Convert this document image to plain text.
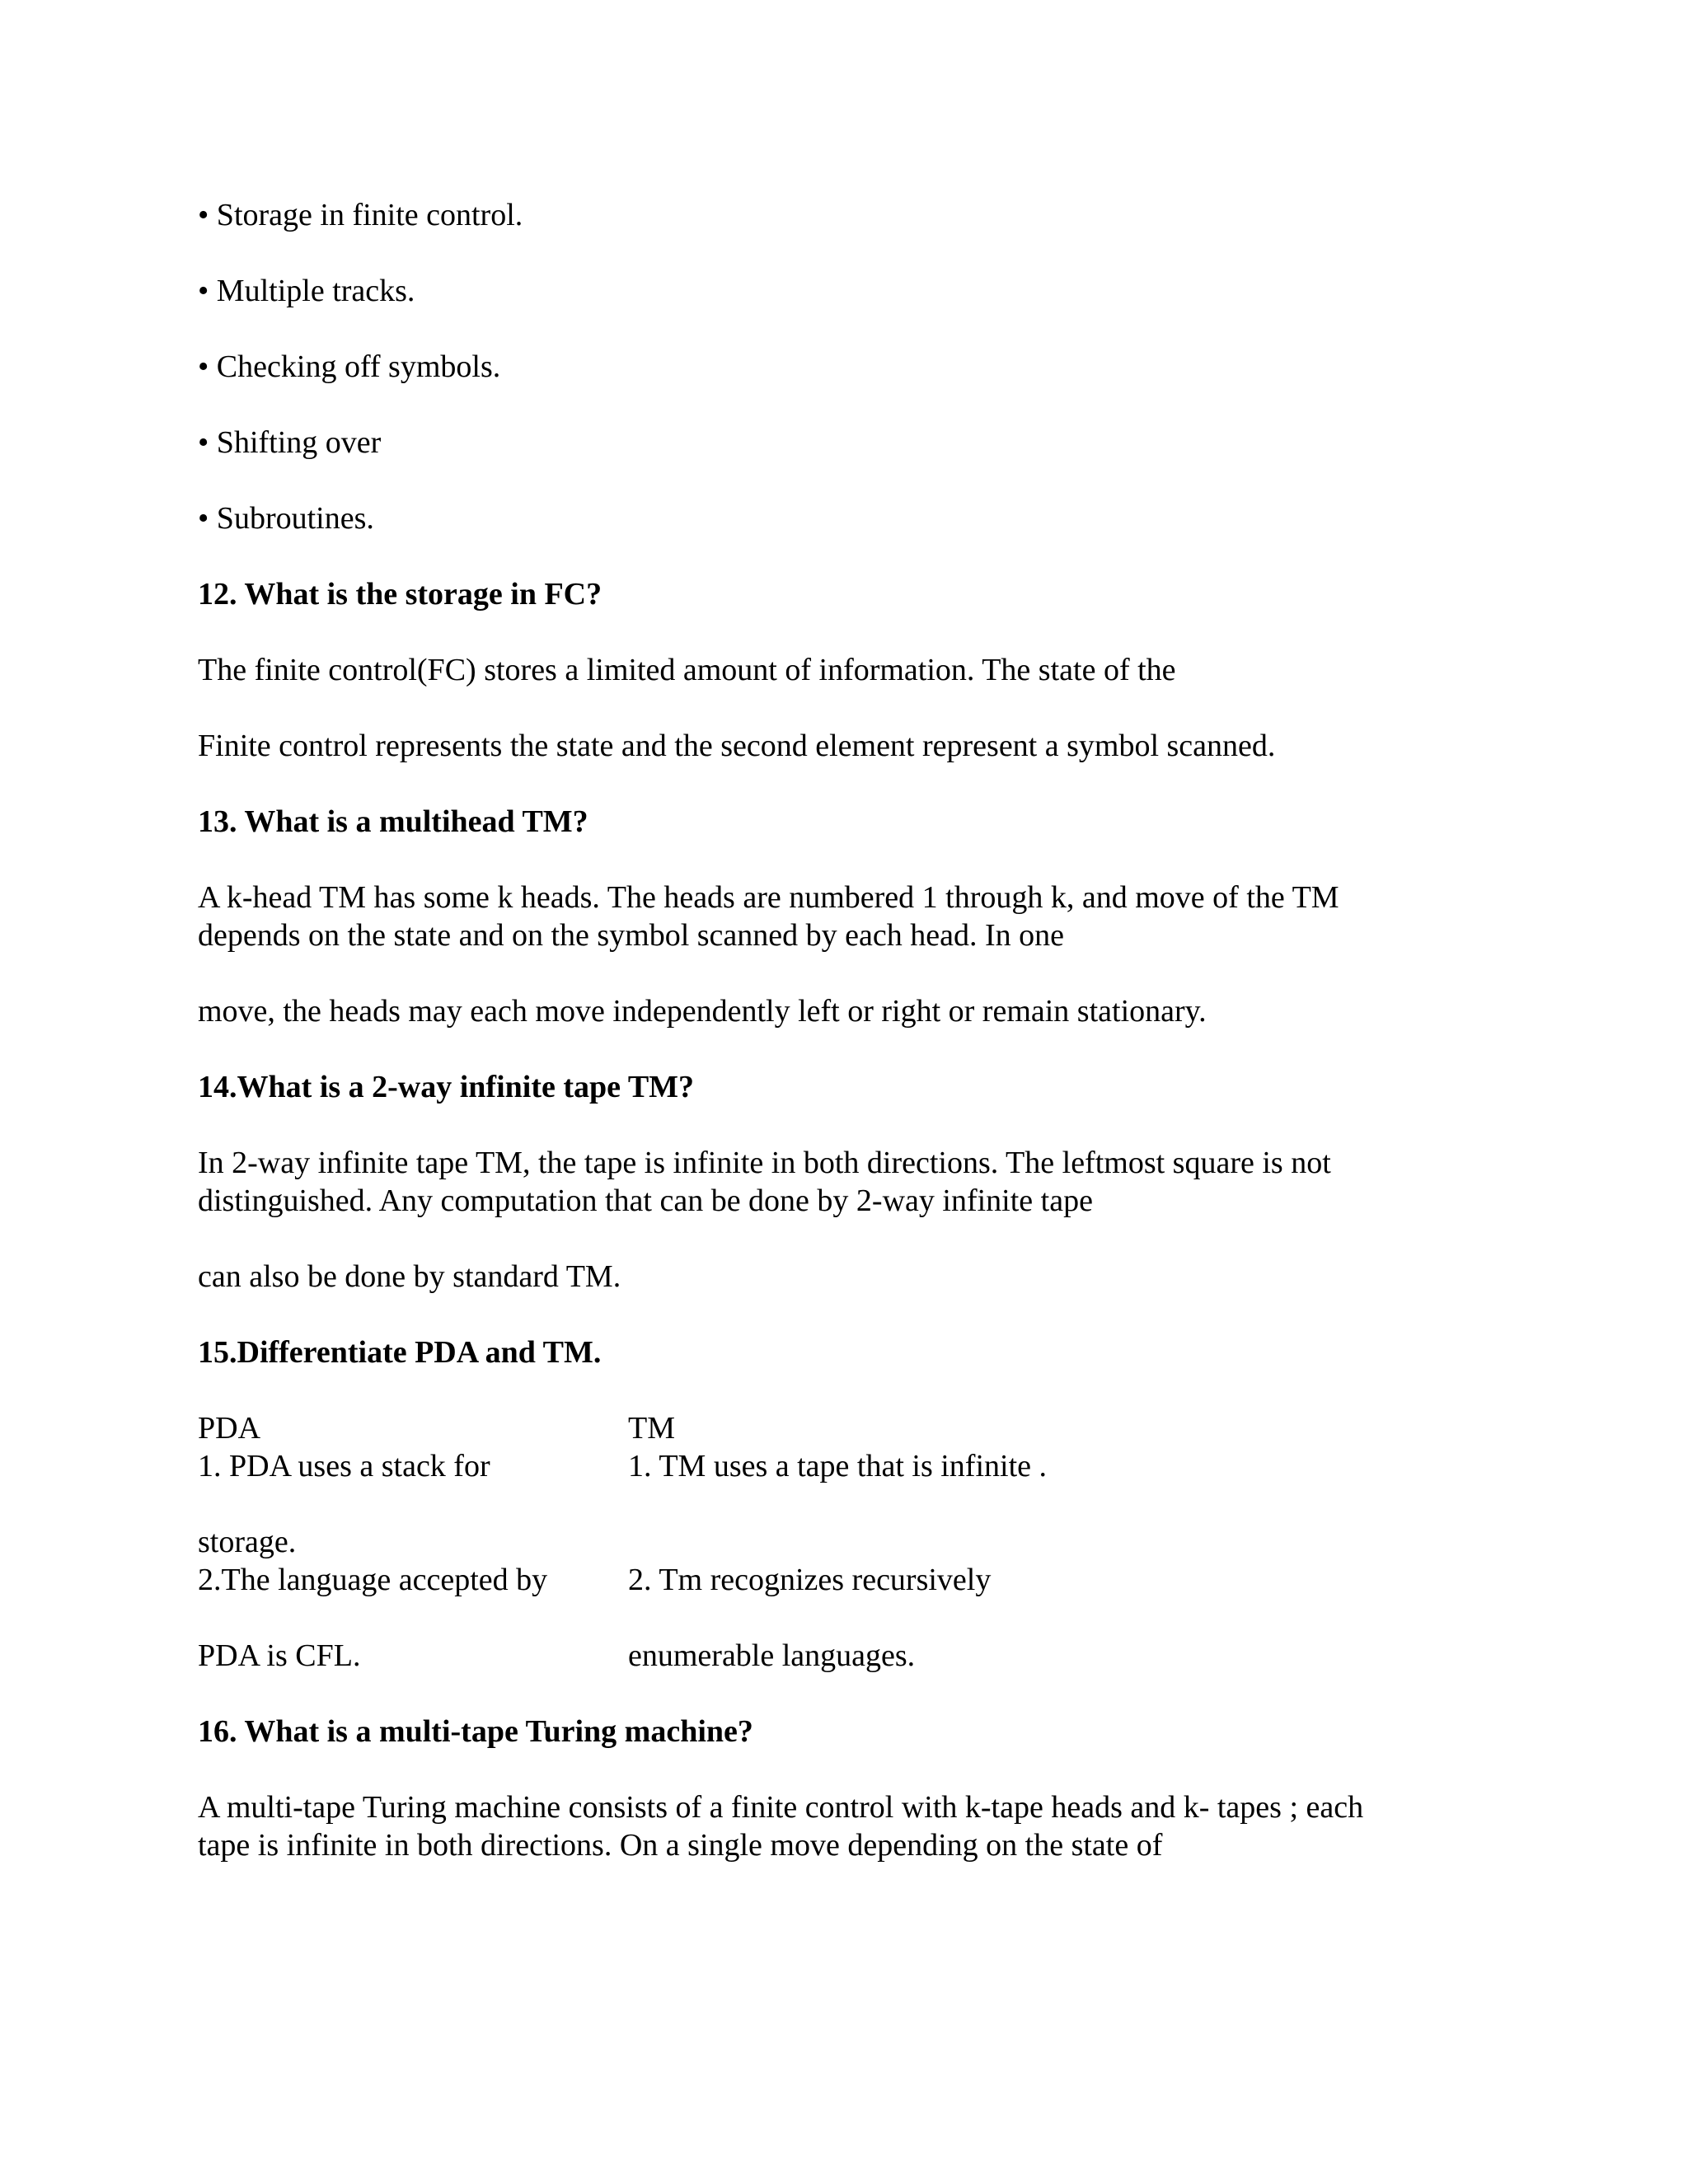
• Storage in finite control.
• Multiple tracks.
• Checking off symbols.
• Shifting over
• Subroutines.
12. What is the storage in FC?
The finite control(FC) stores a limited amount of information. The state of the
Finite control represents the state and the second element represent a symbol scanned.
13. What is a multihead TM?
A k-head TM has some k heads. The heads are numbered 1 through k, and move of the TM
depends on the state and on the symbol scanned by each head. In one
move, the heads may each move independently left or right or remain stationary.
14.What is a 2-way infinite tape TM?
In 2-way infinite tape TM, the tape is infinite in both directions. The leftmost square is not
distinguished. Any computation that can be done by 2-way infinite tape
can also be done by standard TM.
15.Differentiate PDA and TM.
PDA	TM
1. PDA uses a stack for	1. TM uses a tape that is infinite .
storage.
2.The language accepted by	2. Tm recognizes recursively
PDA is CFL.	enumerable languages.
16. What is a multi-tape Turing machine?
A multi-tape Turing machine consists of a finite control with k-tape heads and k- tapes ; each
tape is infinite in both directions. On a single move depending on the state of
